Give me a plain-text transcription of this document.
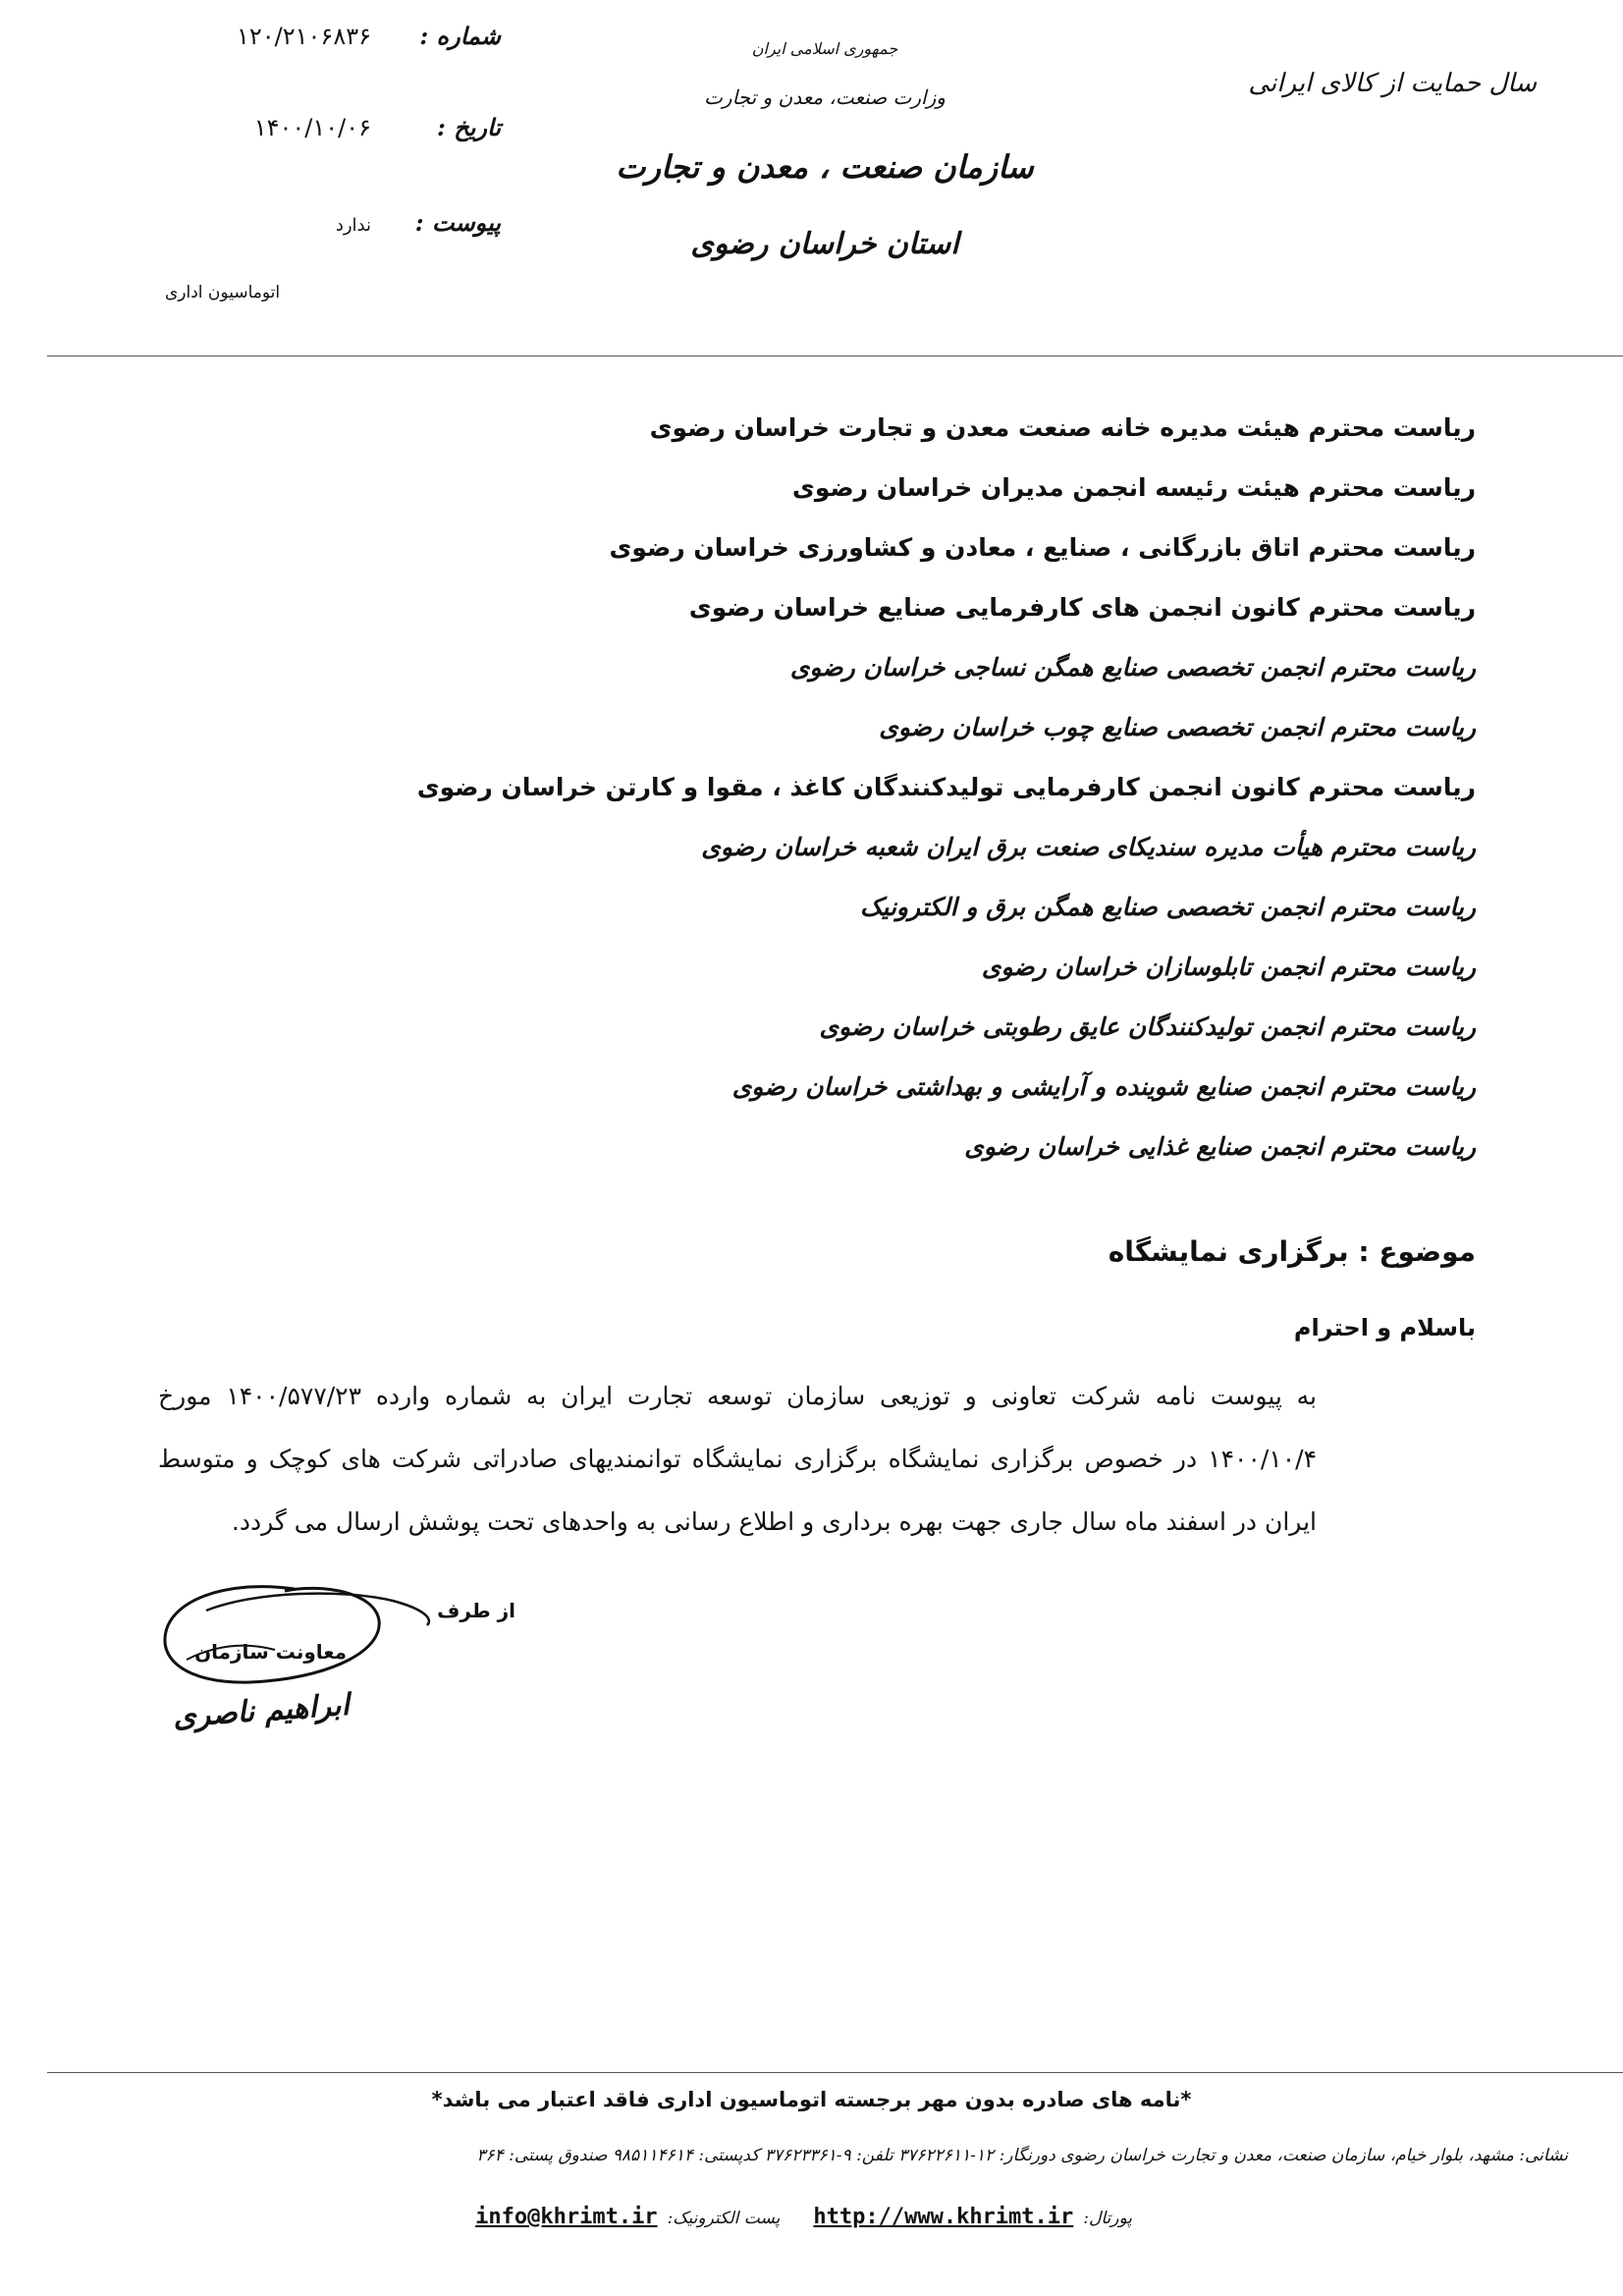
سال حمایت از کالای ایرانی
جمهوری اسلامی ایران
وزارت صنعت، معدن و تجارت
سازمان صنعت ، معدن و تجارت
استان خراسان رضوی
شماره :
۱۲۰/۲۱۰۶۸۳۶
تاریخ :
۱۴۰۰/۱۰/۰۶
پیوست :
ندارد
اتوماسیون اداری
ریاست محترم هیئت مدیره خانه صنعت معدن و تجارت خراسان رضوی
ریاست محترم هیئت رئیسه انجمن مدیران خراسان رضوی
ریاست محترم اتاق بازرگانی ، صنایع ، معادن و کشاورزی خراسان رضوی
ریاست محترم کانون انجمن های کارفرمایی صنایع خراسان رضوی
ریاست محترم انجمن تخصصی صنایع همگن نساجی خراسان رضوی
ریاست محترم انجمن تخصصی صنایع چوب خراسان رضوی
ریاست محترم کانون انجمن کارفرمایی تولیدکنندگان کاغذ ، مقوا و کارتن خراسان رضوی
ریاست محترم هیأت مدیره سندیکای صنعت برق ایران شعبه خراسان رضوی
ریاست محترم انجمن تخصصی صنایع همگن برق و الکترونیک
ریاست محترم انجمن تابلوسازان خراسان رضوی
ریاست محترم انجمن تولیدکنندگان عایق رطوبتی خراسان رضوی
ریاست محترم انجمن صنایع شوینده و آرایشی و بهداشتی خراسان رضوی
ریاست محترم انجمن صنایع غذایی خراسان رضوی
موضوع : برگزاری نمایشگاه
باسلام و احترام
به پیوست نامه شرکت تعاونی و توزیعی سازمان توسعه تجارت ایران به شماره وارده ۱۴۰۰/۵۷۷/۲۳ مورخ ۱۴۰۰/۱۰/۴ در خصوص برگزاری نمایشگاه برگزاری نمایشگاه توانمندیهای صادراتی شرکت های کوچک و متوسط ایران در اسفند ماه سال جاری جهت بهره برداری و اطلاع رسانی به واحدهای تحت پوشش ارسال می گردد.
از طرف
معاونت سازمان
ابراهیم ناصری
*نامه های صادره بدون مهر برجسته اتوماسیون اداری فاقد اعتبار می باشد*
نشانی: مشهد، بلوار خیام، سازمان صنعت، معدن و تجارت خراسان رضوی دورنگار: ۱۲-۳۷۶۲۲۶۱۱ تلفن: ۹-۳۷۶۲۳۳۶۱ کدپستی: ۹۸۵۱۱۴۶۱۴ صندوق پستی: ۳۶۴
پورتال:
http://www.khrimt.ir
پست الکترونیک:
info@khrimt.ir
